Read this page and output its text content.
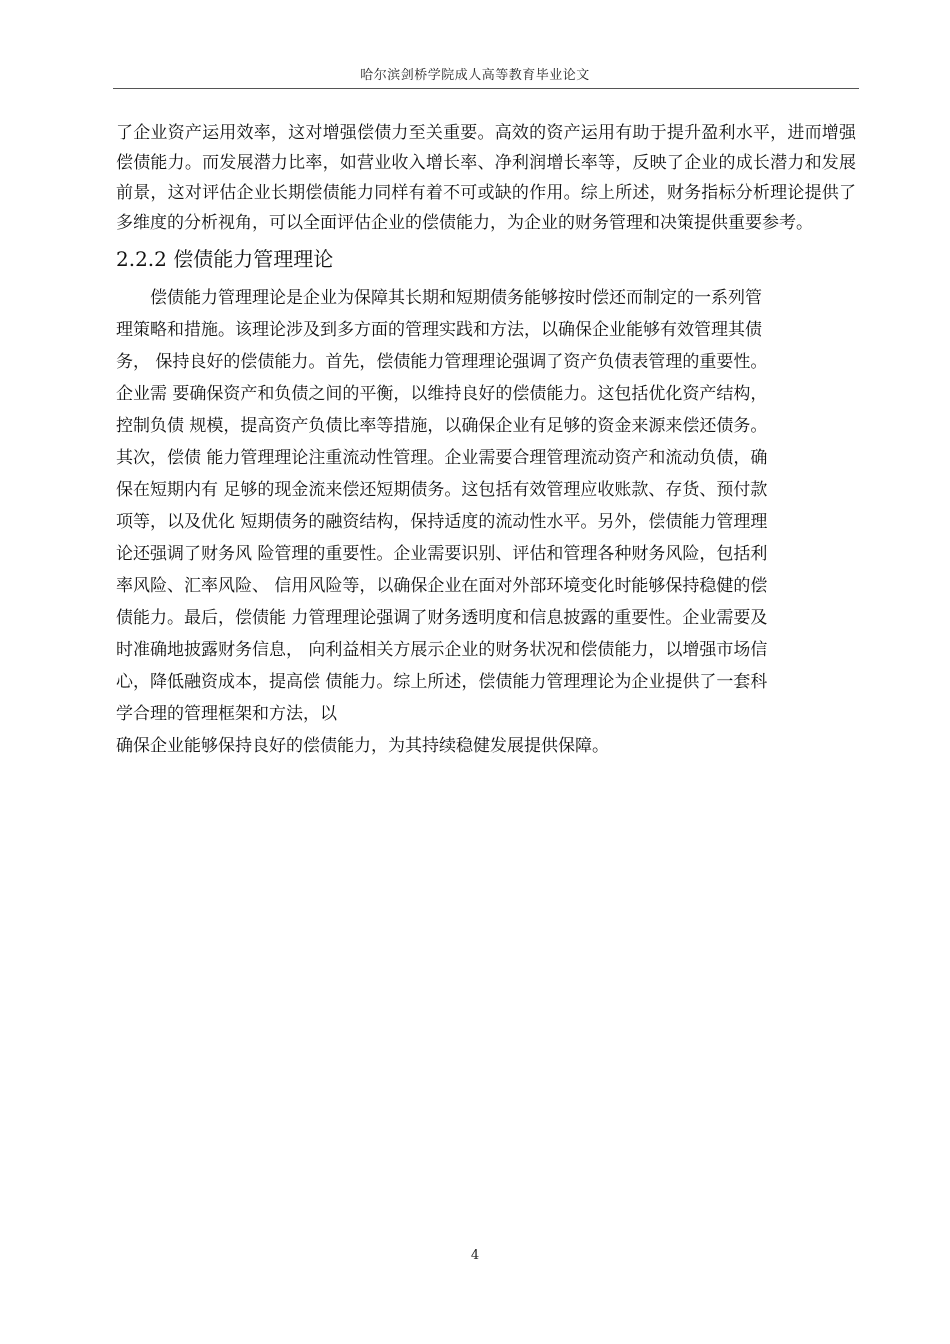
哈尔滨剑桥学院成人高等教育毕业论文

了企业资产运用效率，这对增强偿债力至关重要。高效的资产运用有助于提升盈利水平，进而增强偿债能力。而发展潜力比率，如营业收入增长率、净利润增长率等，反映了企业的成长潜力和发展前景，这对评估企业长期偿债能力同样有着不可或缺的作用。综上所述，财务指标分析理论提供了多维度的分析视角，可以全面评估企业的偿债能力，为企业的财务管理和决策提供重要参考。

2.2.2 偿债能力管理理论
偿债能力管理理论是企业为保障其长期和短期债务能够按时偿还而制定的一系列管
理策略和措施。该理论涉及到多方面的管理实践和方法，以确保企业能够有效管理其债
务， 保持良好的偿债能力。首先，偿债能力管理理论强调了资产负债表管理的重要性。
企业需 要确保资产和负债之间的平衡，以维持良好的偿债能力。这包括优化资产结构，
控制负债 规模，提高资产负债比率等措施，以确保企业有足够的资金来源来偿还债务。
其次，偿债 能力管理理论注重流动性管理。企业需要合理管理流动资产和流动负债，确
保在短期内有 足够的现金流来偿还短期债务。这包括有效管理应收账款、存货、预付款
项等，以及优化 短期债务的融资结构，保持适度的流动性水平。另外，偿债能力管理理
论还强调了财务风 险管理的重要性。企业需要识别、评估和管理各种财务风险，包括利
率风险、汇率风险、 信用风险等，以确保企业在面对外部环境变化时能够保持稳健的偿
债能力。最后，偿债能 力管理理论强调了财务透明度和信息披露的重要性。企业需要及
时准确地披露财务信息， 向利益相关方展示企业的财务状况和偿债能力，以增强市场信
心，降低融资成本，提高偿 债能力。综上所述，偿债能力管理理论为企业提供了一套科
学合理的管理框架和方法，以
确保企业能够保持良好的偿债能力，为其持续稳健发展提供保障。
4
